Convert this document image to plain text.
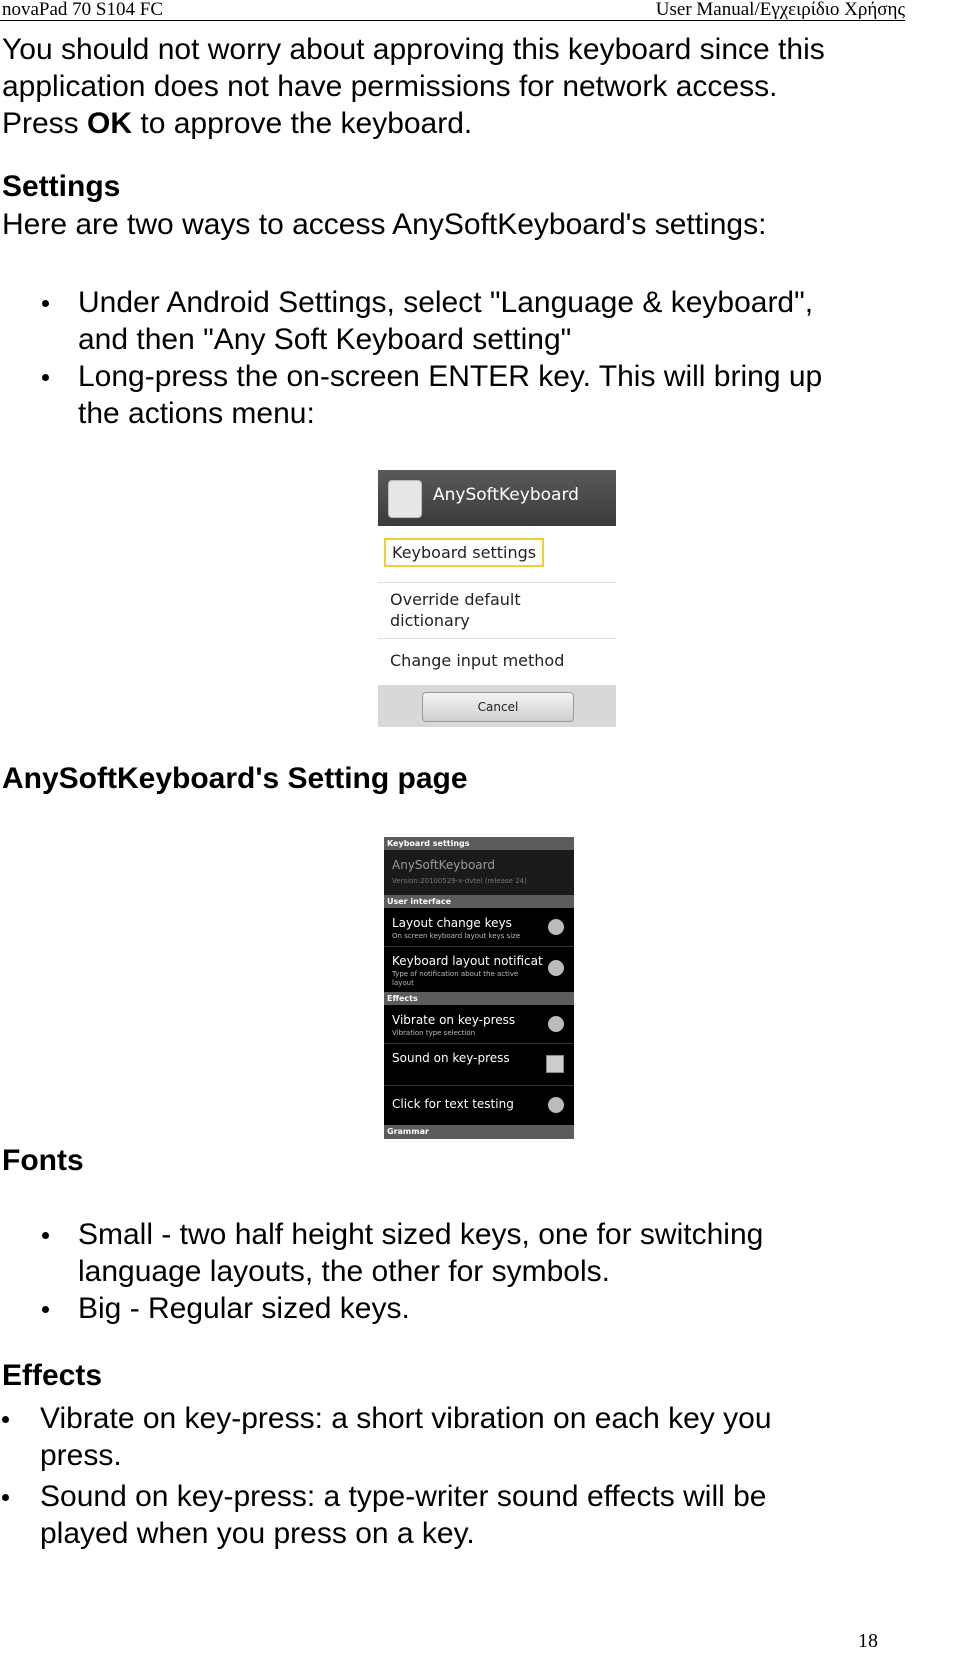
novaPad 70 S104 FC	User Manual/Εγχειρίδιο Χρήσης

You should not worry about approving this keyboard since this

application does not have permissions for network access.

Press OK to approve the keyboard.

Settings

Here are two ways to access AnySoftKeyboard's settings:

Under Android Settings, select "Language & keyboard",
and then "Any Soft Keyboard setting"
Long-press the on-screen ENTER key. This will bring up
the actions menu:
AnySoftKeyboard
Keyboard settings
Override default
dictionary
Change input method
Cancel

AnySoftKeyboard's Setting page

Keyboard settings
AnySoftKeyboard
Version:20100529-x-dvtel (release 24)
User interface
Layout change keys
On screen keyboard layout keys size
Keyboard layout notificat
Type of notification about the active
layout
Effects
Vibrate on key-press
Vibration type selection
Sound on key-press
Click for text testing
Grammar

Fonts

Small - two half height sized keys, one for switching
language layouts, the other for symbols.
Big - Regular sized keys.

Effects

Vibrate on key-press: a short vibration on each key you
press.
Sound on key-press: a type-writer sound effects will be
played when you press on a key.
18
